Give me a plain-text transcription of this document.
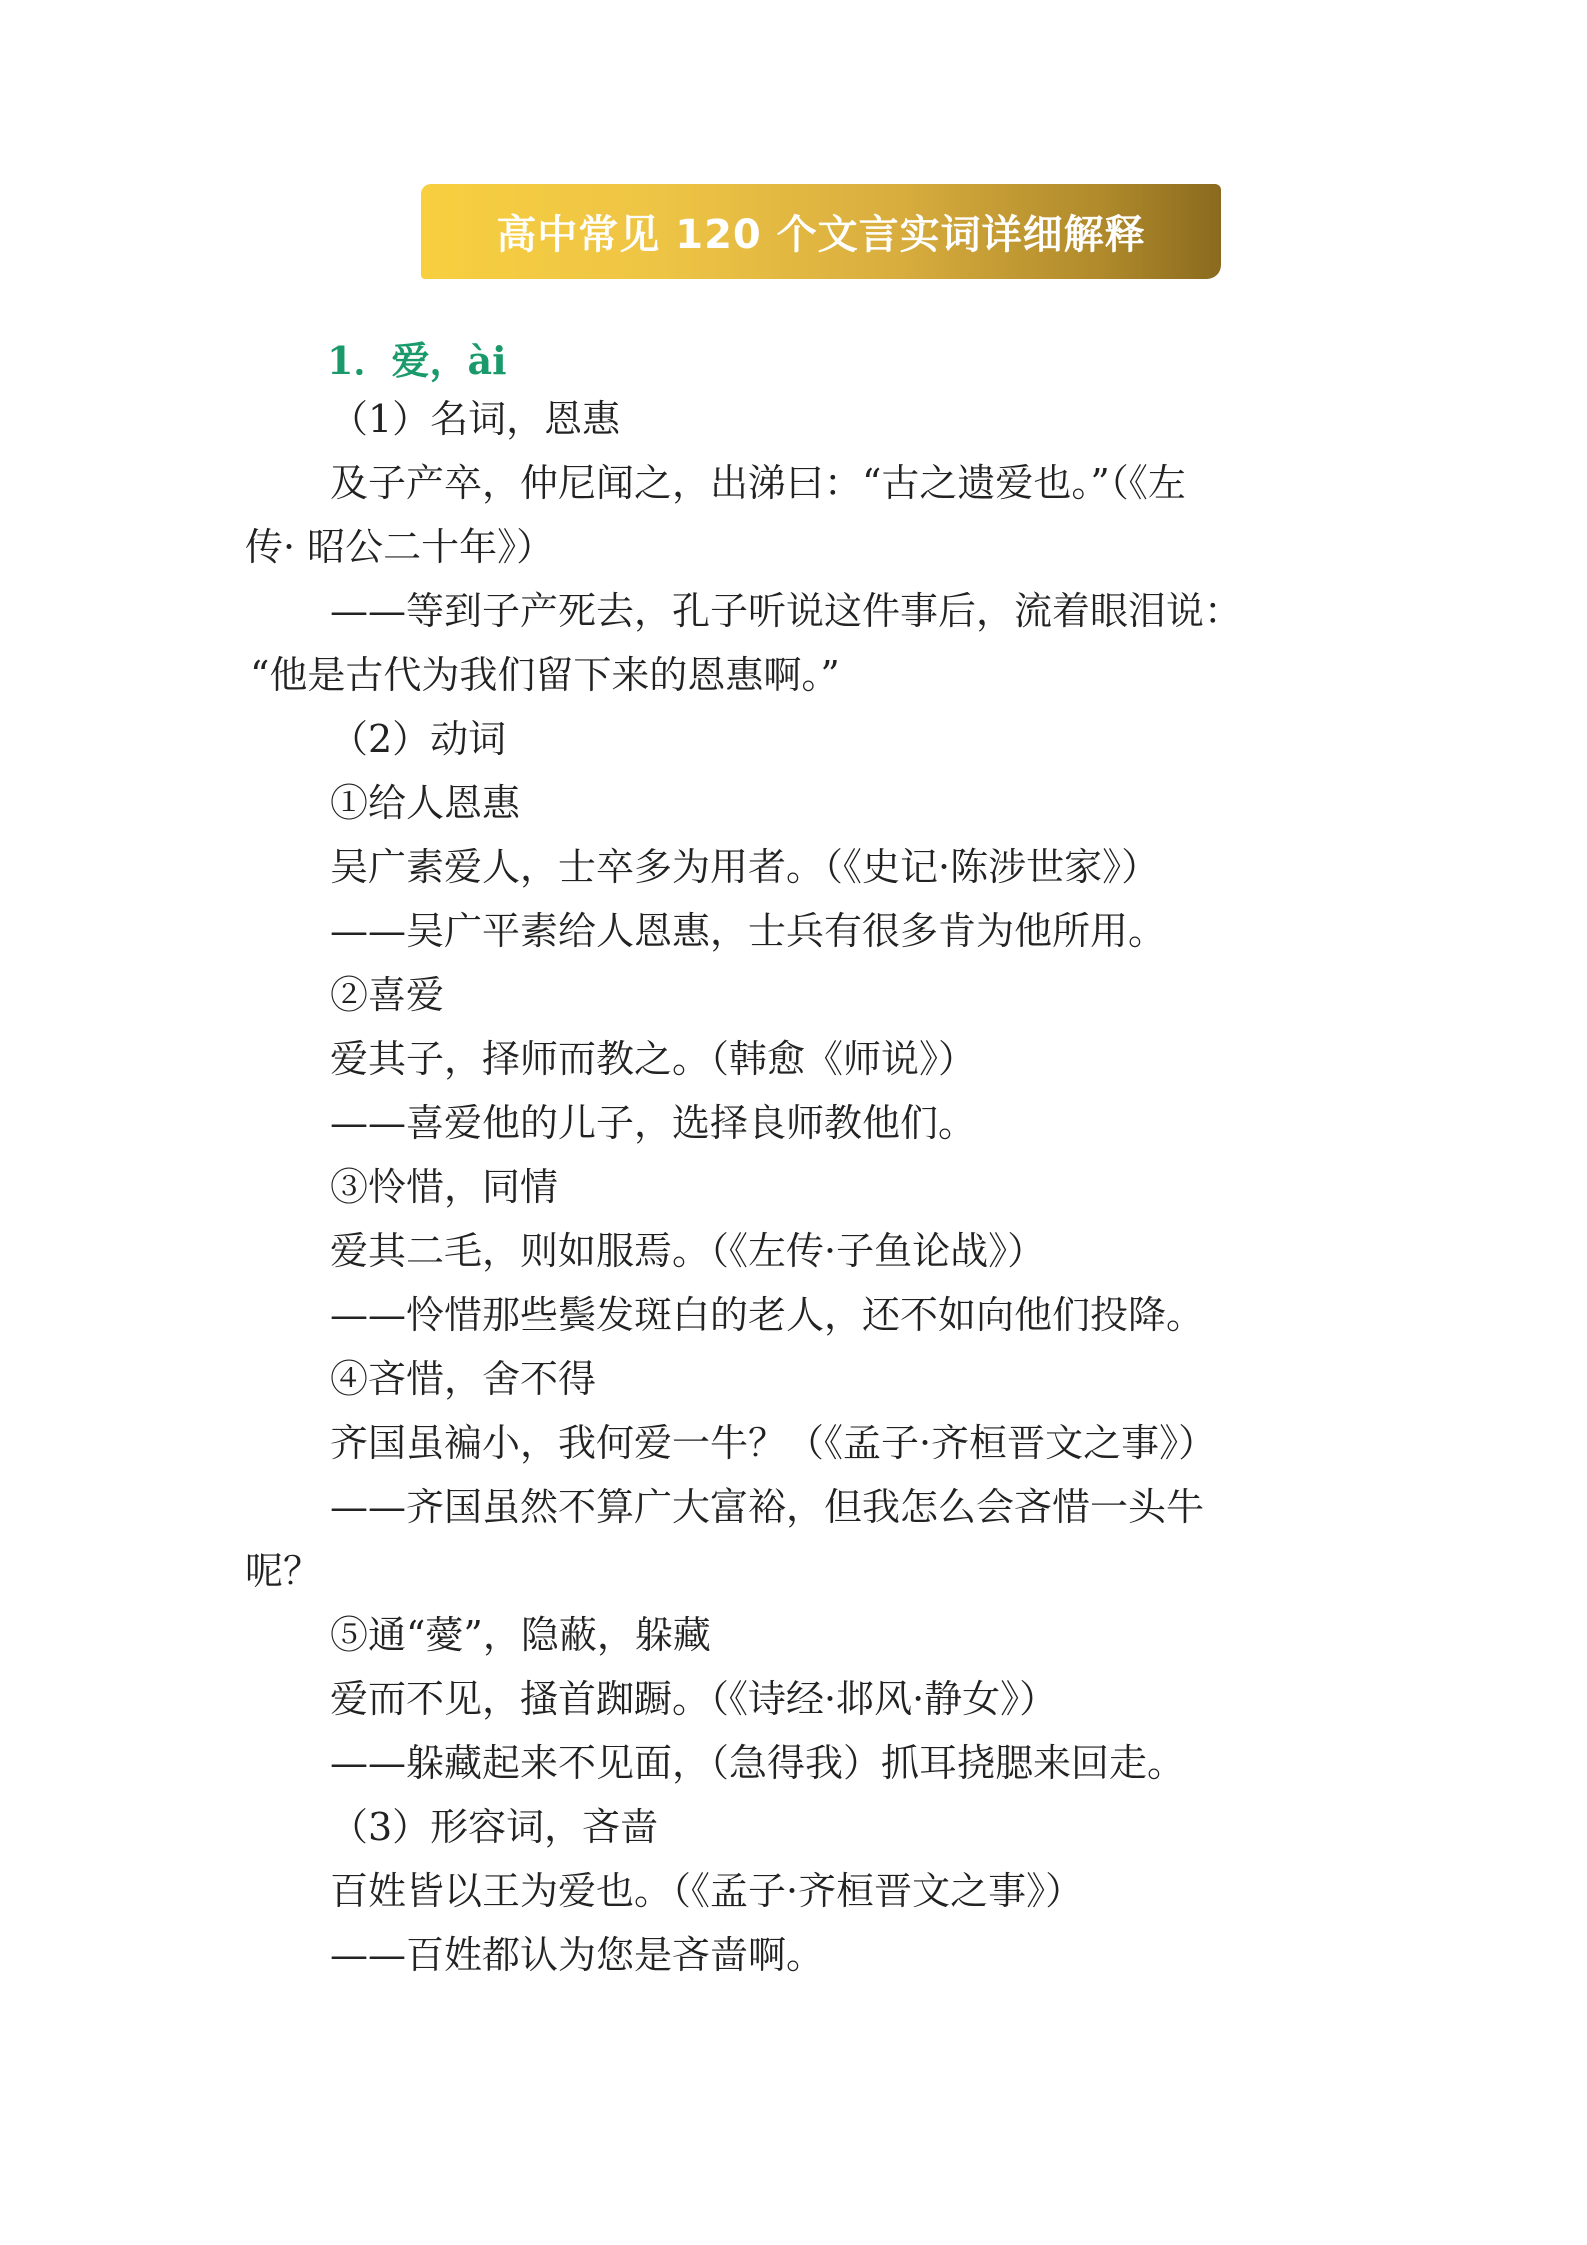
高中常见 120 个文言实词详细解释
1．爱，ài
（1）名词，恩惠
及子产卒，仲尼闻之，出涕曰：“古之遗爱也。”（《左
传· 昭公二十年》）
——等到子产死去，孔子听说这件事后，流着眼泪说：
“他是古代为我们留下来的恩惠啊。”
（2）动词
①给人恩惠
吴广素爱人，士卒多为用者。（《史记·陈涉世家》）
——吴广平素给人恩惠，士兵有很多肯为他所用。
②喜爱
爱其子，择师而教之。（韩愈《师说》）
——喜爱他的儿子，选择良师教他们。
③怜惜，同情
爱其二毛，则如服焉。（《左传·子鱼论战》）
——怜惜那些鬓发斑白的老人，还不如向他们投降。
④吝惜，舍不得
齐国虽褊小，我何爱一牛？（《孟子·齐桓晋文之事》）
——齐国虽然不算广大富裕，但我怎么会吝惜一头牛
呢？
⑤通“薆”，隐蔽，躲藏
爱而不见，搔首踟蹰。（《诗经·邶风·静女》）
——躲藏起来不见面，（急得我）抓耳挠腮来回走。
（3）形容词，吝啬
百姓皆以王为爱也。（《孟子·齐桓晋文之事》）
——百姓都认为您是吝啬啊。
